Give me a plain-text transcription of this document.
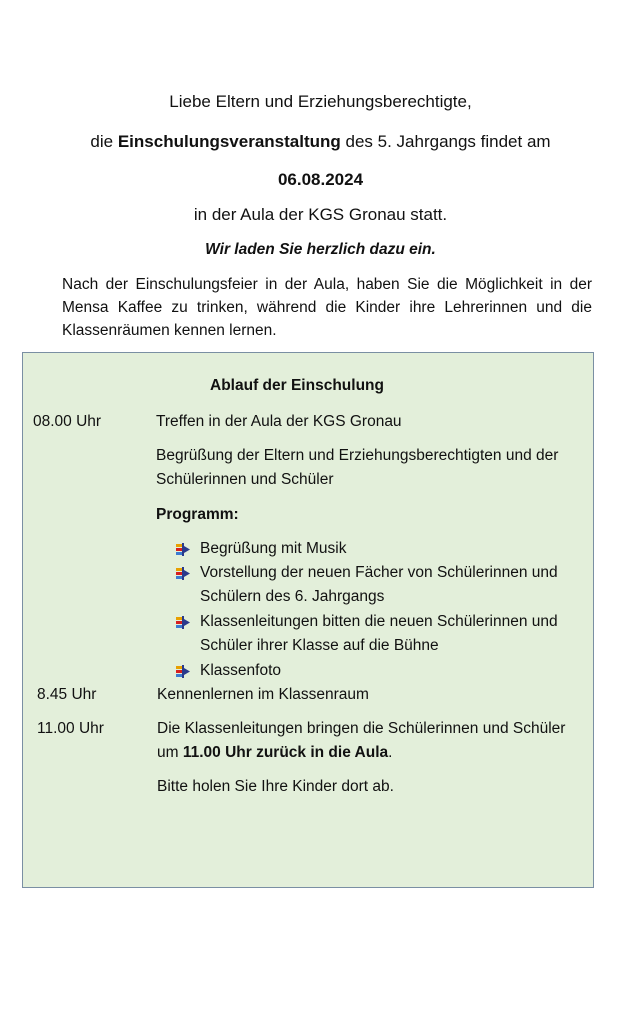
Liebe Eltern und Erziehungsberechtigte,
die Einschulungsveranstaltung des 5. Jahrgangs findet am
06.08.2024
in der Aula der KGS Gronau statt.
Wir laden Sie herzlich dazu ein.
Nach der Einschulungsfeier in der Aula, haben Sie die Möglichkeit in der Mensa Kaffee zu trinken, während die Kinder ihre Lehrerinnen und die Klassenräumen kennen lernen.
Ablauf der Einschulung
08.00 Uhr	Treffen in der Aula der KGS Gronau
Begrüßung der Eltern und Erziehungsberechtigten und der Schülerinnen und Schüler
Programm:
Begrüßung mit Musik
Vorstellung der neuen Fächer von Schülerinnen und Schülern des 6. Jahrgangs
Klassenleitungen bitten die neuen Schülerinnen und Schüler ihrer Klasse auf die Bühne
Klassenfoto
8.45 Uhr	Kennenlernen im Klassenraum
11.00 Uhr	Die Klassenleitungen bringen die Schülerinnen und Schüler um 11.00 Uhr zurück in die Aula.
Bitte holen Sie Ihre Kinder dort ab.
